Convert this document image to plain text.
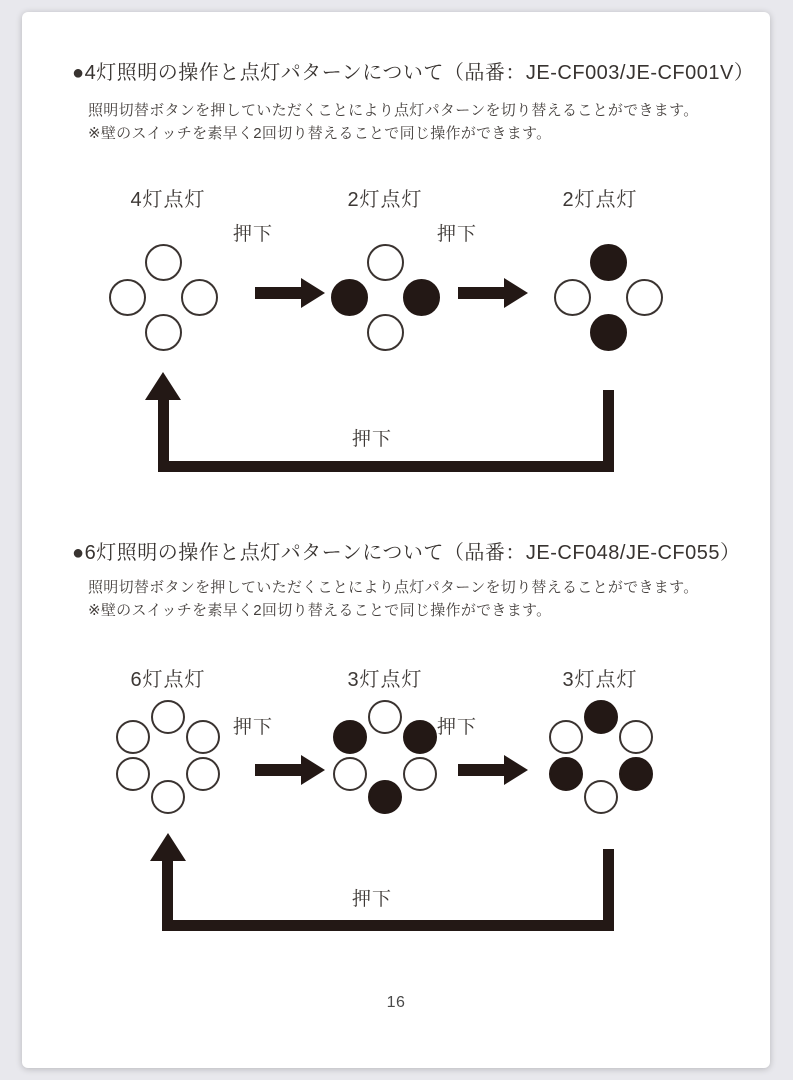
●4灯照明の操作と点灯パターンについて（品番：JE-CF003/JE-CF001V）

照明切替ボタンを押していただくことにより点灯パターンを切り替えることができます。

※壁のスイッチを素早く2回切り替えることで同じ操作ができます。

4灯点灯	2灯点灯	2灯点灯
押下	押下
押下
●6灯照明の操作と点灯パターンについて（品番：JE-CF048/JE-CF055）

照明切替ボタンを押していただくことにより点灯パターンを切り替えることができます。

※壁のスイッチを素早く2回切り替えることで同じ操作ができます。

6灯点灯	3灯点灯	3灯点灯
押下	押下
押下
16
